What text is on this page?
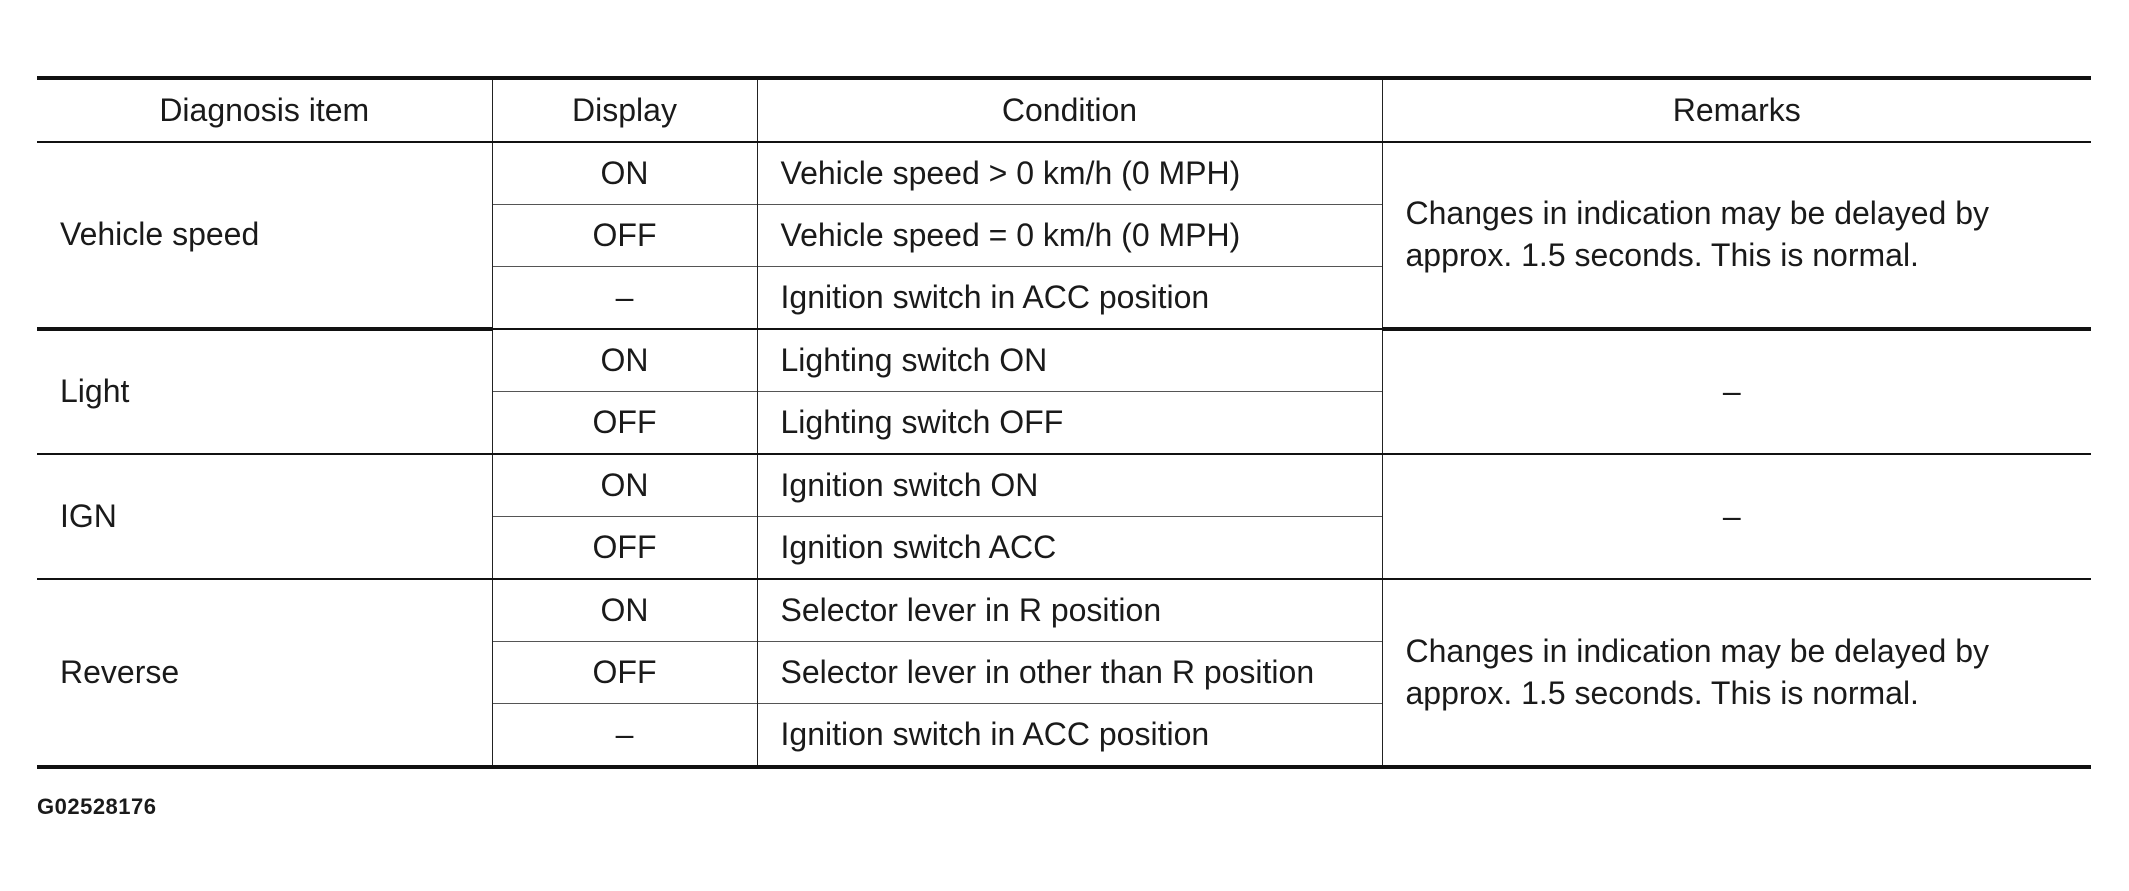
Diagnosis item	Display	Condition	Remarks
Vehicle speed	ON	Vehicle speed > 0 km/h (0 MPH)	Changes in indication may be delayed by approx. 1.5 seconds. This is normal.
	OFF	Vehicle speed = 0 km/h (0 MPH)	
	–	Ignition switch in ACC position	
Light	ON	Lighting switch ON	–
	OFF	Lighting switch OFF	
IGN	ON	Ignition switch ON	–
	OFF	Ignition switch ACC	
Reverse	ON	Selector lever in R position	Changes in indication may be delayed by approx. 1.5 seconds. This is normal.
	OFF	Selector lever in other than R position	
	–	Ignition switch in ACC position	
G02528176
